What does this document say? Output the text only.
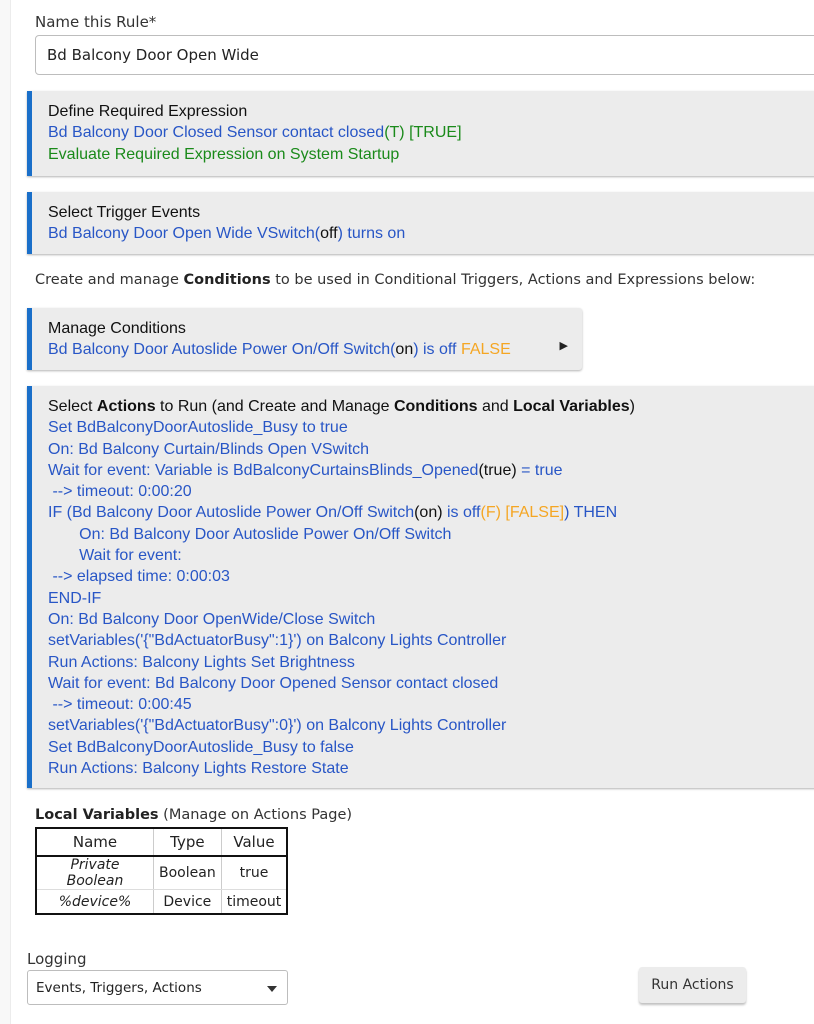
Name this Rule*
Bd Balcony Door Open Wide
Define Required Expression
Bd Balcony Door Closed Sensor contact closed(T) [TRUE]
Evaluate Required Expression on System Startup
Select Trigger Events
Bd Balcony Door Open Wide VSwitch(off) turns on
Create and manage Conditions to be used in Conditional Triggers, Actions and Expressions below:
Manage Conditions
Bd Balcony Door Autoslide Power On/Off Switch(on) is off FALSE	▶
Select Actions to Run (and Create and Manage Conditions and Local Variables)
Set BdBalconyDoorAutoslide_Busy to true
On: Bd Balcony Curtain/Blinds Open VSwitch
Wait for event: Variable is BdBalconyCurtainsBlinds_Opened(true) = true
--> timeout: 0:00:20
IF (Bd Balcony Door Autoslide Power On/Off Switch(on) is off(F) [FALSE]) THEN
On: Bd Balcony Door Autoslide Power On/Off Switch
Wait for event:
--> elapsed time: 0:00:03
END-IF
On: Bd Balcony Door OpenWide/Close Switch
setVariables('{"BdActuatorBusy":1}') on Balcony Lights Controller
Run Actions: Balcony Lights Set Brightness
Wait for event: Bd Balcony Door Opened Sensor contact closed
--> timeout: 0:00:45
setVariables('{"BdActuatorBusy":0}') on Balcony Lights Controller
Set BdBalconyDoorAutoslide_Busy to false
Run Actions: Balcony Lights Restore State
Local Variables (Manage on Actions Page)
Name	Type	Value
Private Boolean	Boolean	true
%device%	Device	timeout
Logging
Events, Triggers, Actions	Run Actions
